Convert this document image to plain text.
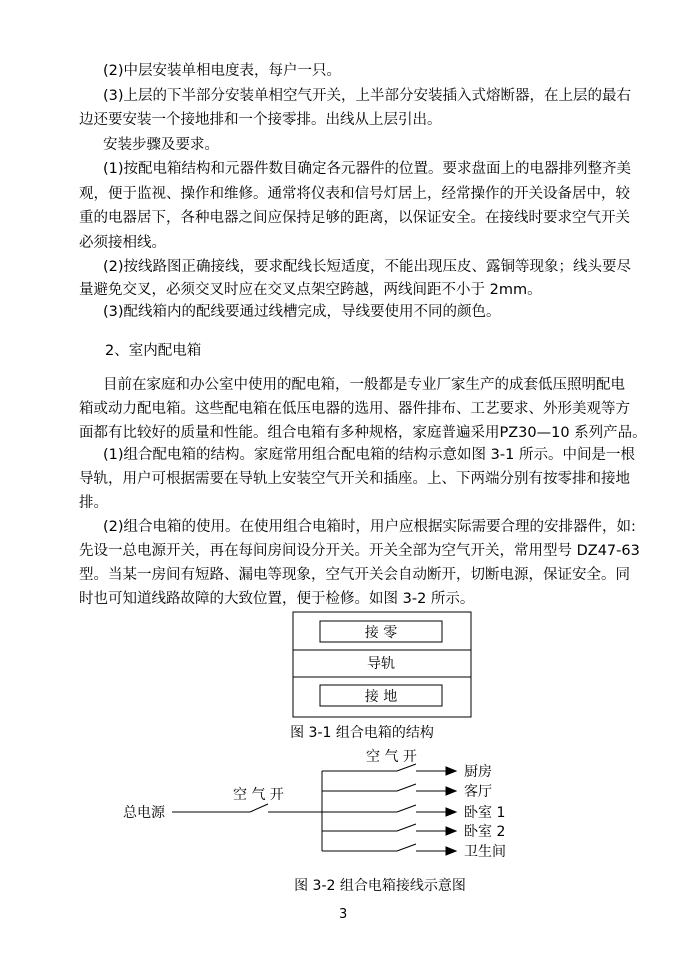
(2)中层安装单相电度表，每户一只。
(3)上层的下半部分安装单相空气开关，上半部分安装插入式熔断器，在上层的最右
边还要安装一个接地排和一个接零排。出线从上层引出。
安装步骤及要求。
(1)按配电箱结构和元器件数目确定各元器件的位置。要求盘面上的电器排列整齐美
观，便于监视、操作和维修。通常将仪表和信号灯居上，经常操作的开关设备居中，较
重的电器居下，各种电器之间应保持足够的距离，以保证安全。在接线时要求空气开关
必须接相线。
(2)按线路图正确接线，要求配线长短适度，不能出现压皮、露铜等现象；线头要尽
量避免交叉，必须交叉时应在交叉点架空跨越，两线间距不小于 2mm。
(3)配线箱内的配线要通过线槽完成，导线要使用不同的颜色。
2、室内配电箱
目前在家庭和办公室中使用的配电箱，一般都是专业厂家生产的成套低压照明配电
箱或动力配电箱。这些配电箱在低压电器的选用、器件排布、工艺要求、外形美观等方
面都有比较好的质量和性能。组合电箱有多种规格，家庭普遍采用PZ30—10 系列产品。
(1)组合配电箱的结构。家庭常用组合配电箱的结构示意如图 3-1 所示。中间是一根
导轨，用户可根据需要在导轨上安装空气开关和插座。上、下两端分别有按零排和接地
排。
(2)组合电箱的使用。在使用组合电箱时，用户应根据实际需要合理的安排器件，如:
先设一总电源开关，再在每间房间设分开关。开关全部为空气开关，常用型号 DZ47-63
型。当某一房间有短路、漏电等现象，空气开关会自动断开，切断电源，保证安全。同
时也可知道线路故障的大致位置，便于检修。如图 3-2 所示。
接 零
导轨
接 地
图 3-1 组合电箱的结构
总电源
空 气 开
空 气 开
厨房
客厅
卧室 1
卧室 2
卫生间
图 3-2 组合电箱接线示意图
3
